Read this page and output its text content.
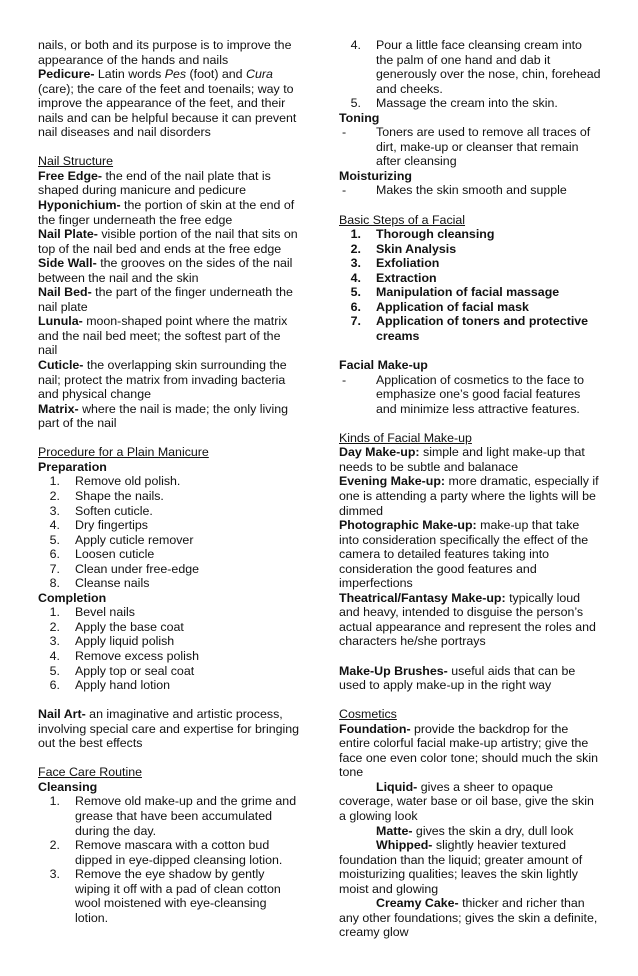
nails, or both and its purpose is to improve the appearance of the hands and nails

Pedicure- Latin words Pes (foot) and Cura (care); the care of the feet and toenails; way to improve the appearance of the feet, and their nails and can be helpful because it can prevent nail diseases and nail disorders

Nail Structure

Free Edge- the end of the nail plate that is shaped during manicure and pedicure

Hyponichium- the portion of skin at the end of the finger underneath the free edge

Nail Plate- visible portion of the nail that sits on top of the nail bed and ends at the free edge

Side Wall- the grooves on the sides of the nail between the nail and the skin

Nail Bed- the part of the finger underneath the nail plate

Lunula- moon-shaped point where the matrix and the nail bed meet; the softest part of the nail

Cuticle- the overlapping skin surrounding the nail; protect the matrix from invading bacteria and physical change

Matrix- where the nail is made; the only living part of the nail

Procedure for a Plain Manicure

Preparation

1. Remove old polish.
2. Shape the nails.
3. Soften cuticle.
4. Dry fingertips
5. Apply cuticle remover
6. Loosen cuticle
7. Clean under free-edge
8. Cleanse nails

Completion

1. Bevel nails
2. Apply the base coat
3. Apply liquid polish
4. Remove excess polish
5. Apply top or seal coat
6. Apply hand lotion

Nail Art- an imaginative and artistic process, involving special care and expertise for bringing out the best effects

Face Care Routine

Cleansing

1. Remove old make-up and the grime and grease that have been accumulated during the day.
2. Remove mascara with a cotton bud dipped in eye-dipped cleansing lotion.
3. Remove the eye shadow by gently wiping it off with a pad of clean cotton wool moistened with eye-cleansing lotion.
4. Pour a little face cleansing cream into the palm of one hand and dab it generously over the nose, chin, forehead and cheeks.
5. Massage the cream into the skin.

Toning

- Toners are used to remove all traces of dirt, make-up or cleanser that remain after cleansing

Moisturizing

- Makes the skin smooth and supple

Basic Steps of a Facial

1. Thorough cleansing
2. Skin Analysis
3. Exfoliation
4. Extraction
5. Manipulation of facial massage
6. Application of facial mask
7. Application of toners and protective creams

Facial Make-up

- Application of cosmetics to the face to emphasize one’s good facial features and minimize less attractive features.

Kinds of Facial Make-up

Day Make-up: simple and light make-up that needs to be subtle and balanace

Evening Make-up: more dramatic, especially if one is attending a party where the lights will be dimmed

Photographic Make-up: make-up that take into consideration specifically the effect of the camera to detailed features taking into consideration the good features and imperfections

Theatrical/Fantasy Make-up: typically loud and heavy, intended to disguise the person’s actual appearance and represent the roles and characters he/she portrays

Make-Up Brushes- useful aids that can be used to apply make-up in the right way

Cosmetics

Foundation- provide the backdrop for the entire colorful facial make-up artistry; give the face one even color tone; should much the skin tone

Liquid- gives a sheer to opaque coverage, water base or oil base, give the skin a glowing look

Matte- gives the skin a dry, dull look

Whipped- slightly heavier textured foundation than the liquid; greater amount of moisturizing qualities; leaves the skin lightly moist and glowing

Creamy Cake- thicker and richer than any other foundations; gives the skin a definite, creamy glow
